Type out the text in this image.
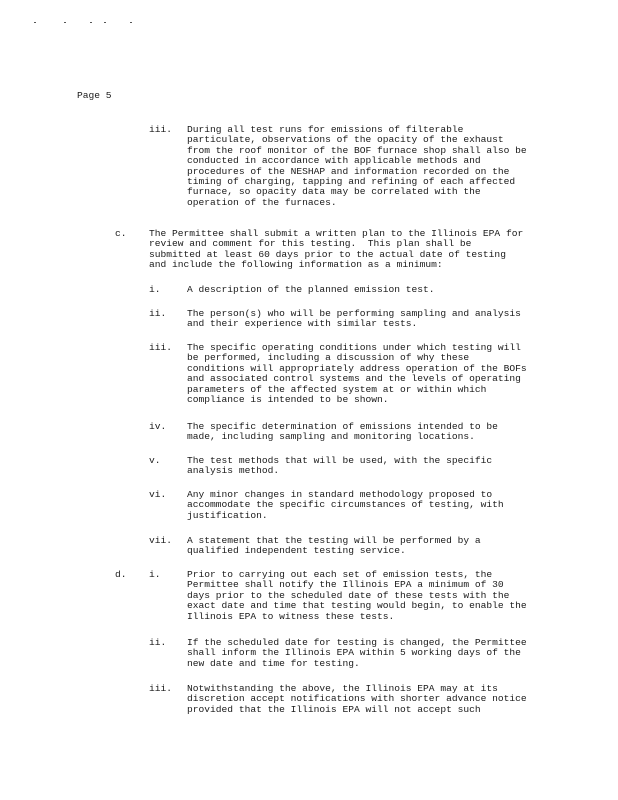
Page 5
iii. During all test runs for emissions of filterable
particulate, observations of the opacity of the exhaust
from the roof monitor of the BOF furnace shop shall also be
conducted in accordance with applicable methods and
procedures of the NESHAP and information recorded on the
timing of charging, tapping and refining of each affected
furnace, so opacity data may be correlated with the
operation of the furnaces.

c. The Permittee shall submit a written plan to the Illinois EPA for
review and comment for this testing.  This plan shall be
submitted at least 60 days prior to the actual date of testing
and include the following information as a minimum:

i.	A description of the planned emission test.

ii. The person(s) who will be performing sampling and analysis
and their experience with similar tests.

iii. The specific operating conditions under which testing will
be performed, including a discussion of why these
conditions will appropriately address operation of the BOFs
and associated control systems and the levels of operating
parameters of the affected system at or within which
compliance is intended to be shown.

iv. The specific determination of emissions intended to be
made, including sampling and monitoring locations.

v.	The test methods that will be used, with the specific
analysis method.

vi. Any minor changes in standard methodology proposed to
accommodate the specific circumstances of testing, with
justification.

vii. A statement that the testing will be performed by a
qualified independent testing service.

d. i.	Prior to carrying out each set of emission tests, the
Permittee shall notify the Illinois EPA a minimum of 30
days prior to the scheduled date of these tests with the
exact date and time that testing would begin, to enable the
Illinois EPA to witness these tests.

ii. If the scheduled date for testing is changed, the Permittee
shall inform the Illinois EPA within 5 working days of the
new date and time for testing.

iii. Notwithstanding the above, the Illinois EPA may at its
discretion accept notifications with shorter advance notice
provided that the Illinois EPA will not accept such
